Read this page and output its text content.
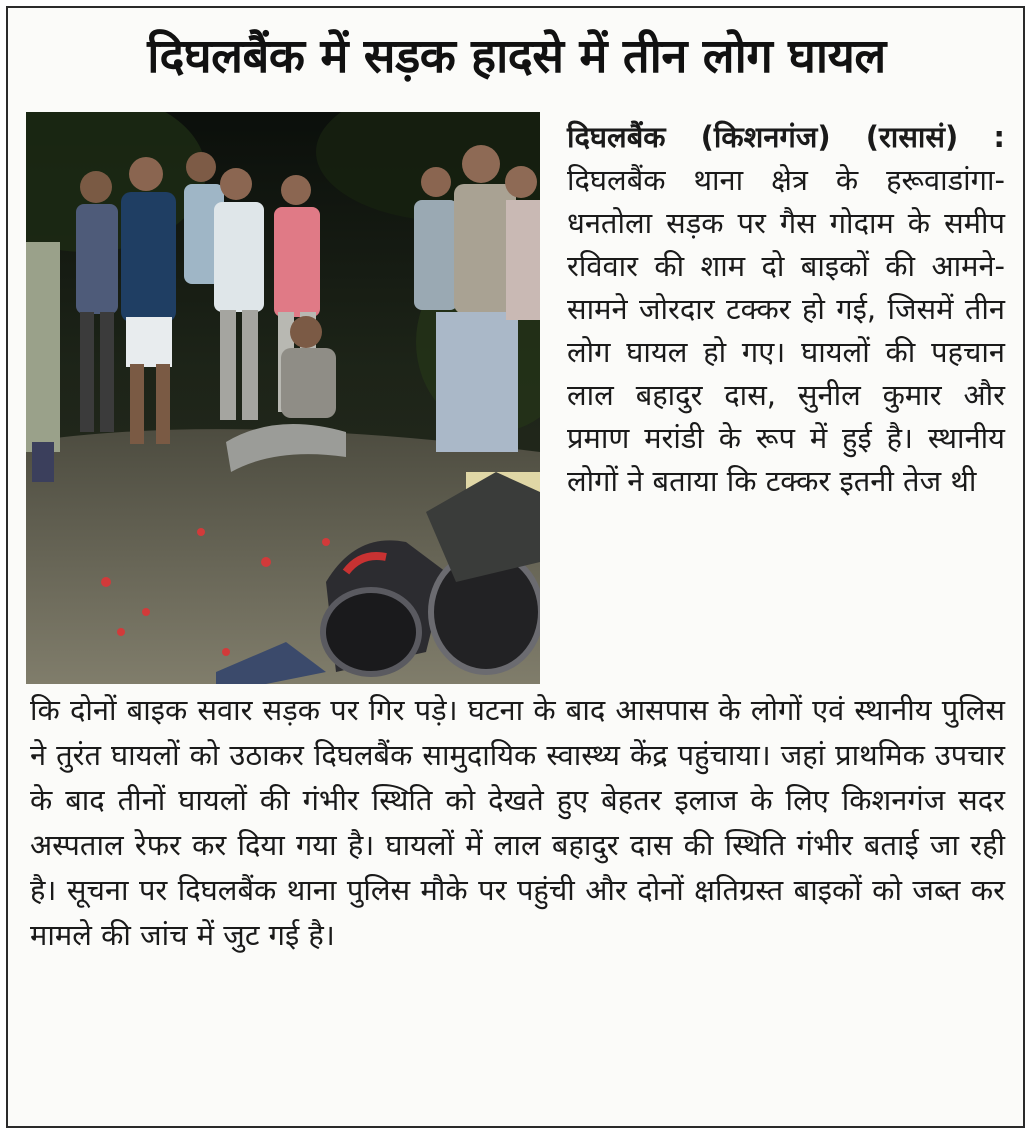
दिघलबैंक में सड़क हादसे में तीन लोग घायल

दिघलबैंक (किशनगंज) (रासासं) : दिघलबैंक थाना क्षेत्र के हरूवाडांगा-धनतोला सड़क पर गैस गोदाम के समीप रविवार की शाम दो बाइकों की आमने-सामने जोरदार टक्कर हो गई, जिसमें तीन लोग घायल हो गए। घायलों की पहचान लाल बहादुर दास, सुनील कुमार और प्रमाण मरांडी के रूप में हुई है। स्थानीय लोगों ने बताया कि टक्कर इतनी तेज थी

कि दोनों बाइक सवार सड़क पर गिर पड़े। घटना के बाद आसपास के लोगों एवं स्थानीय पुलिस ने तुरंत घायलों को उठाकर दिघलबैंक सामुदायिक स्वास्थ्य केंद्र पहुंचाया। जहां प्राथमिक उपचार के बाद तीनों घायलों की गंभीर स्थिति को देखते हुए बेहतर इलाज के लिए किशनगंज सदर अस्पताल रेफर कर दिया गया है। घायलों में लाल बहादुर दास की स्थिति गंभीर बताई जा रही है। सूचना पर दिघलबैंक थाना पुलिस मौके पर पहुंची और दोनों क्षतिग्रस्त बाइकों को जब्त कर मामले की जांच में जुट गई है।
